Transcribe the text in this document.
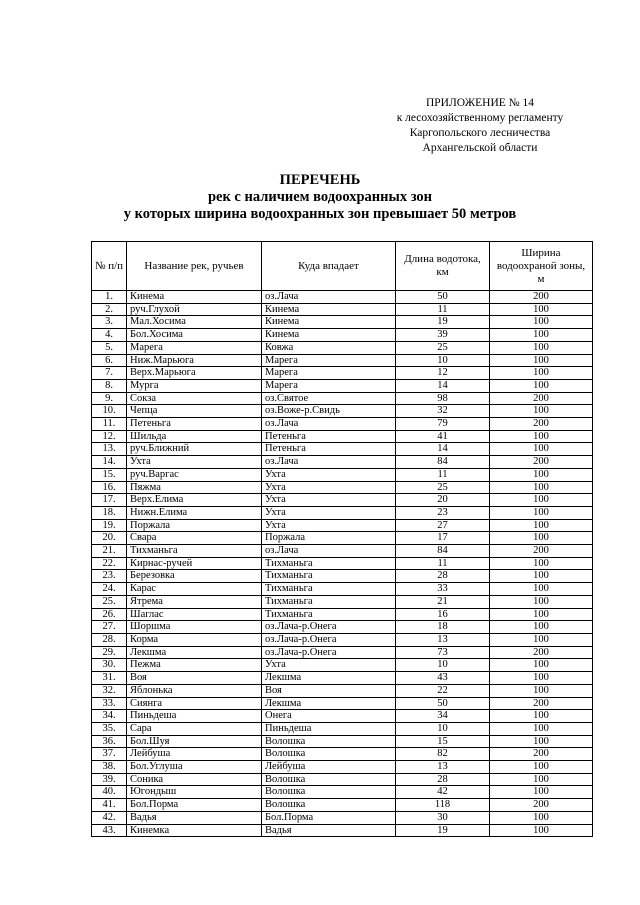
ПРИЛОЖЕНИЕ № 14
к лесохозяйственному регламенту
Каргопольского лесничества
Архангельской области
ПЕРЕЧЕНЬ
рек с наличием водоохранных зон
у которых ширина водоохранных зон превышает 50 метров
№ п/п	Название рек, ручьев	Куда впадает	Длина водотока, км	Ширина водоохраной зоны, м
1.	Кинема	оз.Лача	50	200
2.	руч.Глухой	Кинема	11	100
3.	Мал.Хосима	Кинема	19	100
4.	Бол.Хосима	Кинема	39	100
5.	Марега	Ковжа	25	100
6.	Ниж.Марьюга	Марега	10	100
7.	Верх.Марьюга	Марега	12	100
8.	Мурга	Марега	14	100
9.	Сокза	оз.Святое	98	200
10.	Чепца	оз.Воже-р.Свидь	32	100
11.	Петеньга	оз.Лача	79	200
12.	Шильда	Петеньга	41	100
13.	руч.Ближний	Петеньга	14	100
14.	Ухта	оз.Лача	84	200
15.	руч.Варгас	Ухта	11	100
16.	Пяжма	Ухта	25	100
17.	Верх.Елима	Ухта	20	100
18.	Нижн.Елима	Ухта	23	100
19.	Поржала	Ухта	27	100
20.	Свара	Поржала	17	100
21.	Тихманьга	оз.Лача	84	200
22.	Кирнас-ручей	Тихманьга	11	100
23.	Березовка	Тихманьга	28	100
24.	Карас	Тихманьга	33	100
25.	Ятрема	Тихманьга	21	100
26.	Шаглас	Тихманьга	16	100
27.	Шоршма	оз.Лача-р.Онега	18	100
28.	Корма	оз.Лача-р.Онега	13	100
29.	Лекшма	оз.Лача-р.Онега	73	200
30.	Пежма	Ухта	10	100
31.	Воя	Лекшма	43	100
32.	Яблонька	Воя	22	100
33.	Сиянга	Лекшма	50	200
34.	Пиньдеша	Онега	34	100
35.	Сара	Пиньдеша	10	100
36.	Бол.Шуя	Волошка	15	100
37.	Лейбуша	Волошка	82	200
38.	Бол.Углуша	Лейбуша	13	100
39.	Соника	Волошка	28	100
40.	Югондыш	Волошка	42	100
41.	Бол.Порма	Волошка	118	200
42.	Вадья	Бол.Порма	30	100
43.	Кинемка	Вадья	19	100
